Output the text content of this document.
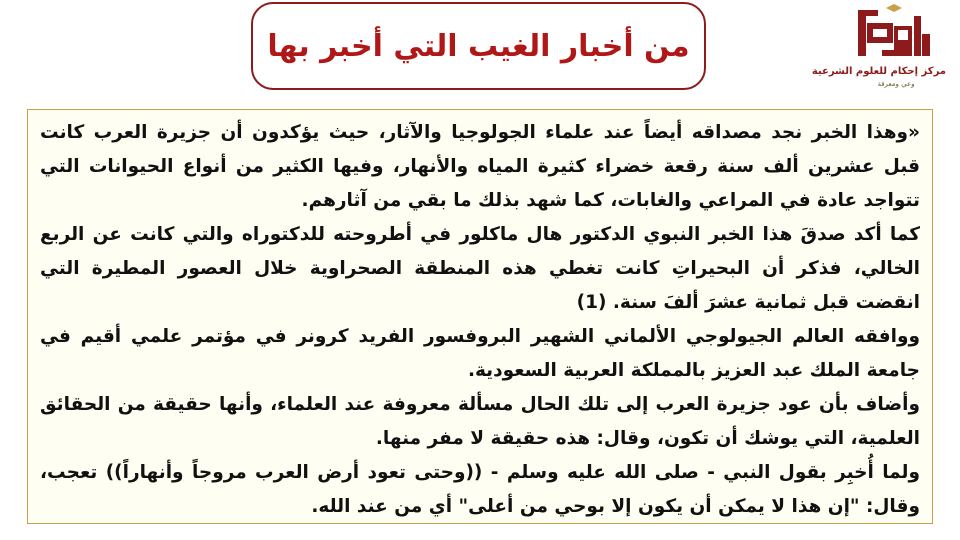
من أخبار الغيب التي أخبر بها
مركز إحكام للعلوم الشرعية
وعي ومعرفة

«وهذا الخبر نجد مصداقه أيضاً عند علماء الجولوجيا والآثار، حيث يؤكدون أن جزيرة العرب كانت قبل عشرين ألف سنة رقعة خضراء كثيرة المياه والأنهار، وفيها الكثير من أنواع الحيوانات التي تتواجد عادة في المراعي والغابات، كما شهد بذلك ما بقي من آثارهم.
كما أكد صدقَ هذا الخبر النبوي الدكتور هال ماكلور في أطروحته للدكتوراه والتي كانت عن الربع الخالي، فذكر أن البحيراتِ كانت تغطي هذه المنطقة الصحراوية خلال العصور المطيرة التي انقضت قبل ثمانية عشرَ ألفَ سنة. (1)
ووافقه العالم الجيولوجي الألماني الشهير البروفسور الفريد كرونر في مؤتمر علمي أقيم في جامعة الملك عبد العزيز بالمملكة العربية السعودية.
وأضاف بأن عود جزيرة العرب إلى تلك الحال مسألة معروفة عند العلماء، وأنها حقيقة من الحقائق العلمية، التي يوشك أن تكون، وقال: هذه حقيقة لا مفر منها.
ولما أُخبِر بقول النبي - صلى الله عليه وسلم - ((وحتى تعود أرض العرب مروجاً وأنهاراً)) تعجب، وقال: "إن هذا لا يمكن أن يكون إلا بوحي من أعلى" أي من عند الله.
